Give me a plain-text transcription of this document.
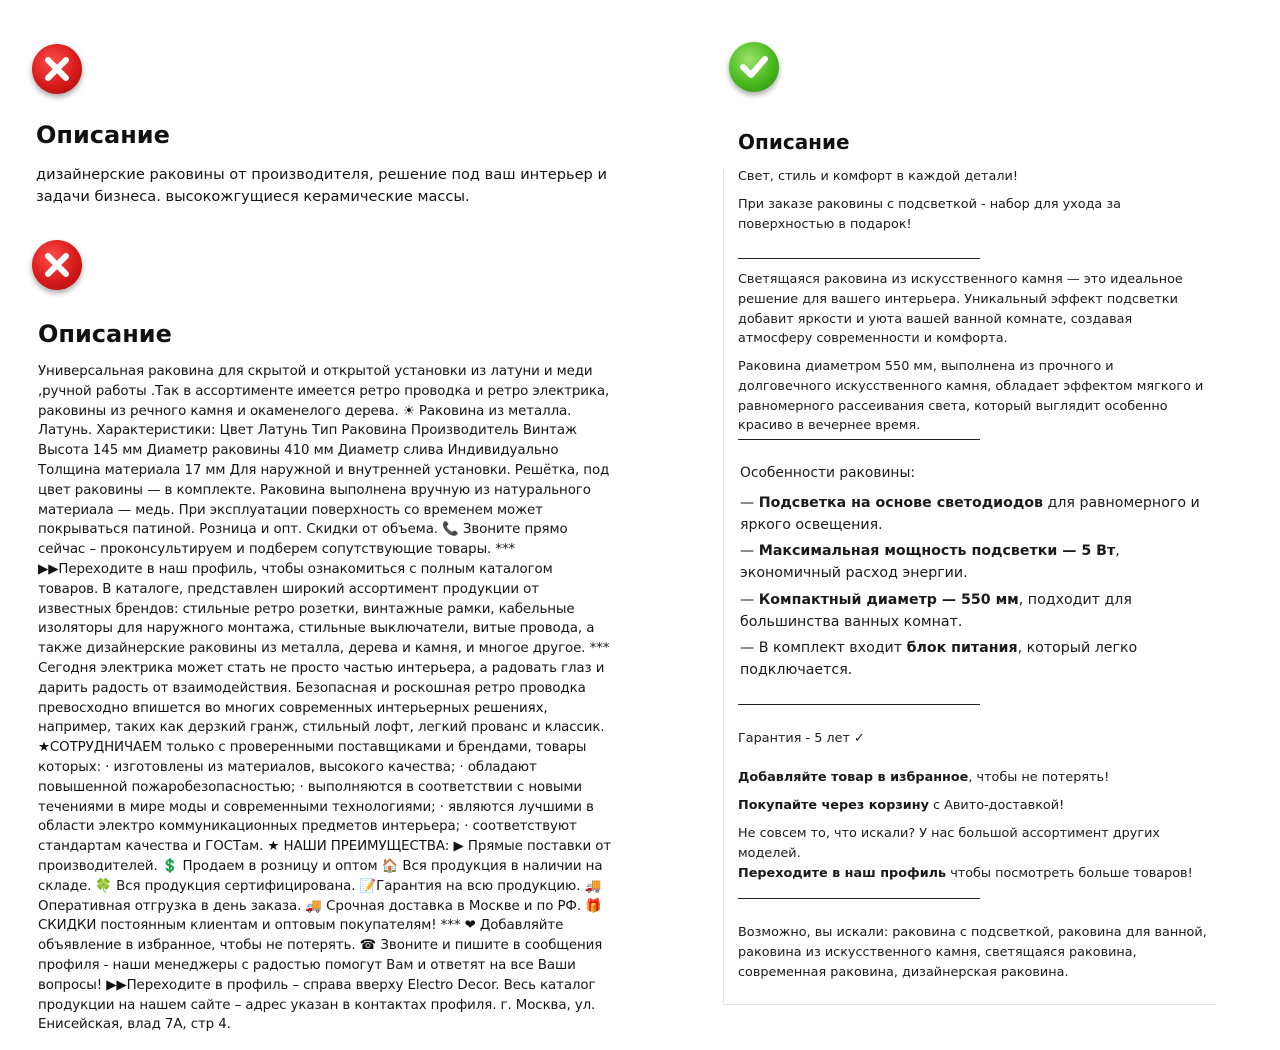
Описание
дизайнерские раковины от производителя, решение под ваш интерьер и задачи бизнеса. высокожгущиеся керамические массы.
Описание
Универсальная раковина для скрытой и открытой установки из латуни и меди ,ручной работы .Так в ассортименте имеется ретро проводка и ретро электрика, раковины из речного камня и окаменелого дерева. ☀ Раковина из металла. Латунь. Характеристики: Цвет Латунь Тип Раковина Производитель Винтаж Высота 145 мм Диаметр раковины 410 мм Диаметр слива Индивидуально Толщина материала 17 мм Для наружной и внутренней установки. Решётка, под цвет раковины — в комплекте. Раковина выполнена вручную из натурального материала — медь. При эксплуатации поверхность со временем может покрываться патиной. Розница и опт. Скидки от объема. 📞 Звоните прямо сейчас – проконсультируем и подберем сопутствующие товары. *** ▶▶Переходите в наш профиль, чтобы ознакомиться с полным каталогом товаров. В каталоге, представлен широкий ассортимент продукции от известных брендов: стильные ретро розетки, винтажные рамки, кабельные изоляторы для наружного монтажа, стильные выключатели, витые провода, а также дизайнерские раковины из металла, дерева и камня, и многое другое. *** Сегодня электрика может стать не просто частью интерьера, а радовать глаз и дарить радость от взаимодействия. Безопасная и роскошная ретро проводка превосходно впишется во многих современных интерьерных решениях, например, таких как дерзкий гранж, стильный лофт, легкий прованс и классик. ★СОТРУДНИЧАЕМ только с проверенными поставщиками и брендами, товары которых: · изготовлены из материалов, высокого качества; · обладают повышенной пожаробезопасностью; · выполняются в соответствии с новыми течениями в мире моды и современными технологиями; · являются лучшими в области электро коммуникационных предметов интерьера; · соответствуют стандартам качества и ГОСТам. ★ НАШИ ПРЕИМУЩЕСТВА: ▶ Прямые поставки от производителей. 💲 Продаем в розницу и оптом 🏠 Вся продукция в наличии на складе. 🍀 Вся продукция сертифицирована. 📝Гарантия на всю продукцию. 🚚 Оперативная отгрузка в день заказа. 🚚 Срочная доставка в Москве и по РФ. 🎁 СКИДКИ постоянным клиентам и оптовым покупателям! *** ❤ Добавляйте объявление в избранное, чтобы не потерять. ☎ Звоните и пишите в сообщения профиля - наши менеджеры с радостью помогут Вам и ответят на все Ваши вопросы! ▶▶Переходите в профиль – справа вверху Electro Decor. Весь каталог продукции на нашем сайте – адрес указан в контактах профиля. г. Москва, ул. Енисейская, влад 7А, стр 4.
Описание
Свет, стиль и комфорт в каждой детали!
При заказе раковины с подсветкой - набор для ухода за поверхностью в подарок!
Светящаяся раковина из искусственного камня — это идеальное решение для вашего интерьера. Уникальный эффект подсветки добавит яркости и уюта вашей ванной комнате, создавая атмосферу современности и комфорта.
Раковина диаметром 550 мм, выполнена из прочного и долговечного искусственного камня, обладает эффектом мягкого и равномерного рассеивания света, который выглядит особенно красиво в вечернее время.
Особенности раковины:
— Подсветка на основе светодиодов для равномерного и яркого освещения.
— Максимальная мощность подсветки — 5 Вт, экономичный расход энергии.
— Компактный диаметр — 550 мм, подходит для большинства ванных комнат.
— В комплект входит блок питания, который легко подключается.
Гарантия - 5 лет ✓
Добавляйте товар в избранное, чтобы не потерять!
Покупайте через корзину с Авито-доставкой!
Не совсем то, что искали? У нас большой ассортимент других моделей.
Переходите в наш профиль чтобы посмотреть больше товаров!
Возможно, вы искали: раковина с подсветкой, раковина для ванной, раковина из искусственного камня, светящаяся раковина, современная раковина, дизайнерская раковина.
